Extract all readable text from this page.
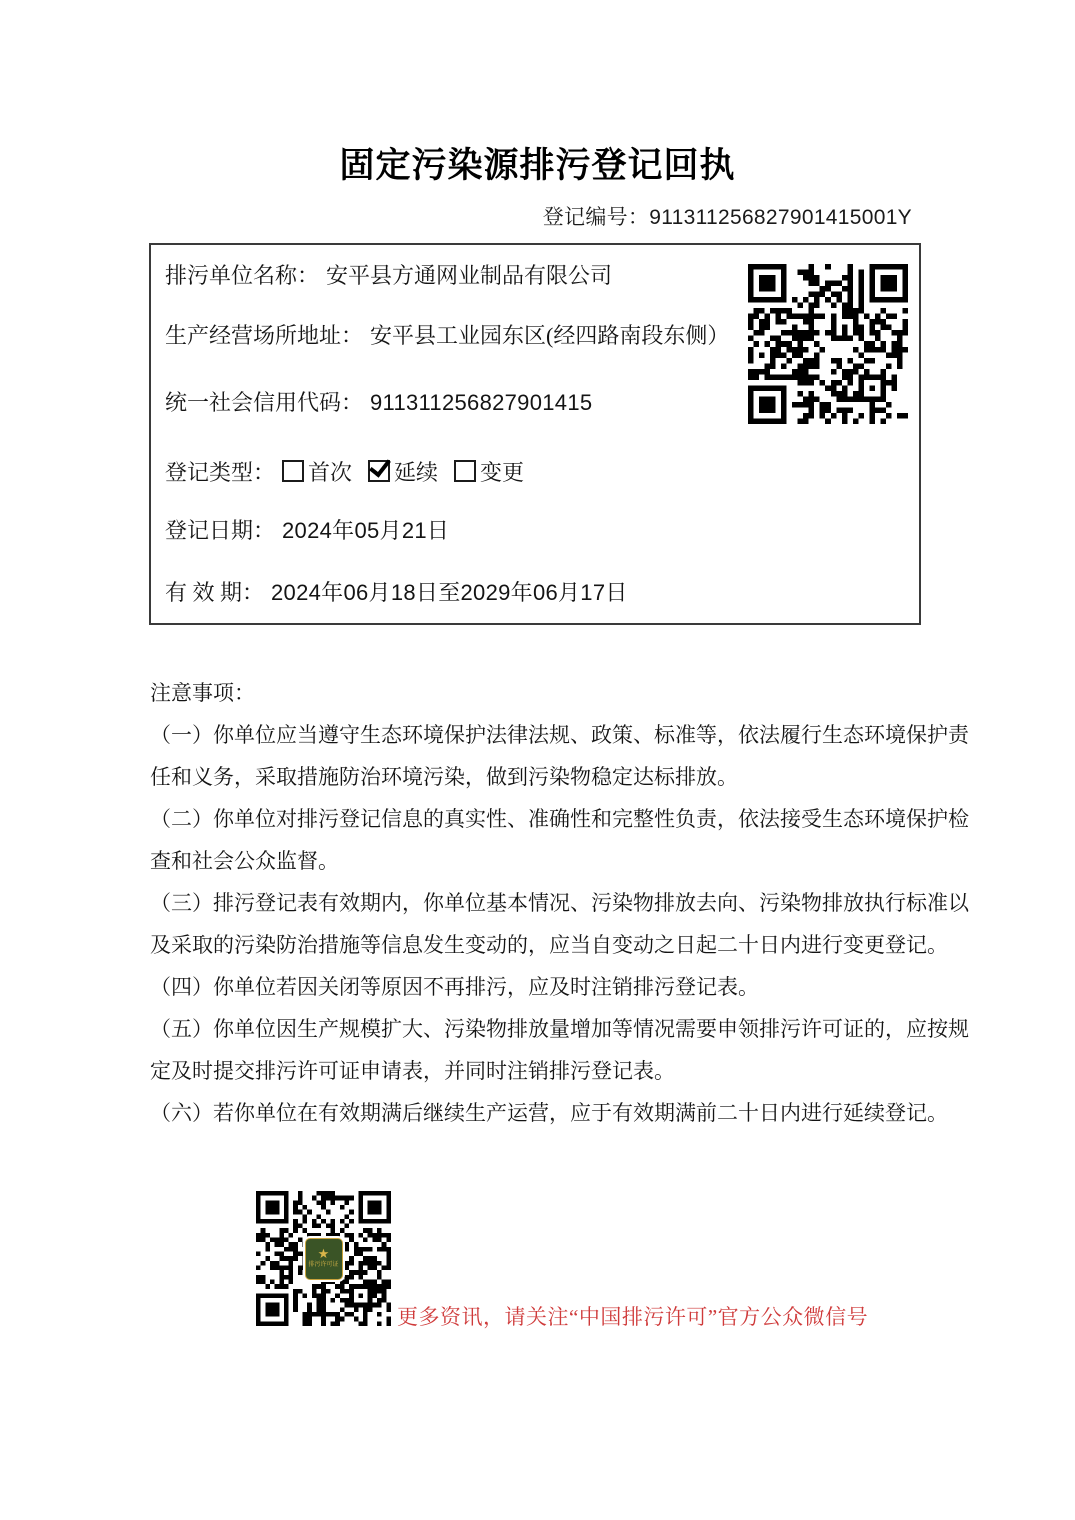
固定污染源排污登记回执
登记编号：911311256827901415001Y
排污单位名称： 安平县方通网业制品有限公司
生产经营场所地址： 安平县工业园东区(经四路南段东侧）
统一社会信用代码： 911311256827901415
登记类型： 首次 延续 变更
登记日期： 2024年05月21日
有 效 期： 2024年06月18日至2029年06月17日
注意事项：
（一）你单位应当遵守生态环境保护法律法规、政策、标准等，依法履行生态环境保护责
任和义务，采取措施防治环境污染，做到污染物稳定达标排放。
（二）你单位对排污登记信息的真实性、准确性和完整性负责，依法接受生态环境保护检
查和社会公众监督。
（三）排污登记表有效期内，你单位基本情况、污染物排放去向、污染物排放执行标准以
及采取的污染防治措施等信息发生变动的，应当自变动之日起二十日内进行变更登记。
（四）你单位若因关闭等原因不再排污，应及时注销排污登记表。
（五）你单位因生产规模扩大、污染物排放量增加等情况需要申领排污许可证的，应按规
定及时提交排污许可证申请表，并同时注销排污登记表。
（六）若你单位在有效期满后继续生产运营，应于有效期满前二十日内进行延续登记。
★
排污许可证
更多资讯，请关注“中国排污许可”官方公众微信号
